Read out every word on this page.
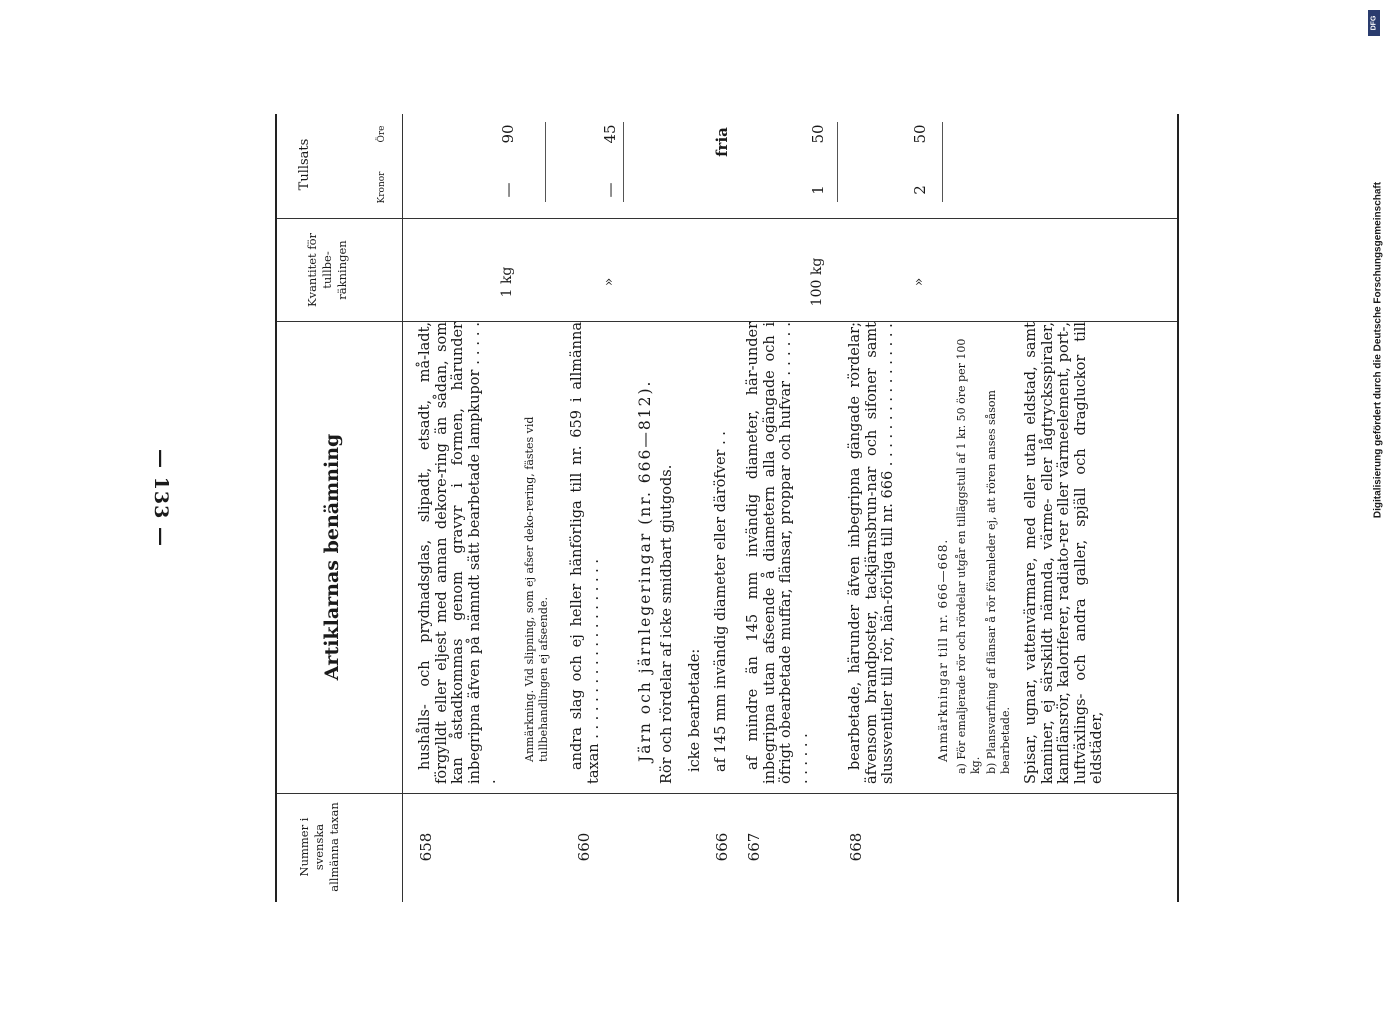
— 133 —
Nummer i svenska allmänna taxan
Artiklarnas benämning
Kvantitet för tullbe-räkningen
Tullsats	Kronor
Öre
658
hushålls- och prydnadsglas, slipadt, etsadt, må-ladt, förgylldt eller eljest med annan dekore-ring än sådan, som kan åstadkommas genom gravyr i formen, härunder inbegripna äfven på nämndt sätt bearbetade lampkupor . . . . . .
1 kg
—
90
Anmärkning. Vid slipning, som ej afser deko-rering, fästes vid tullbehandlingen ej afseende.
660
andra slag och ej heller hänförliga till nr. 659 i allmänna taxan . . . . . . . . . . . . . . . . . . . .
»
—
45
Järn och järnlegeringar (nr. 666—812). Rör och rördelar af icke smidbart gjutgods. icke bearbetade:
666
af 145 mm invändig diameter eller däröfver . .
fria
667
af mindre än 145 mm invändig diameter, här-under inbegripna utan afseende å diametern alla ogängade och i öfrigt obearbetade muffar, flänsar, proppar och hufvar . . . . . . . . . . . .
100 kg
1
50
668
bearbetade, härunder äfven inbegripna gängade rördelar; äfvensom brandposter, tackjärnsbrun-nar och sifoner samt slussventiler till rör, hän-förliga till nr. 666 . . . . . . . . . . . . . . . .
»
2
50
Anmärkningar till nr. 666—668. a) För emaljerade rör och rördelar utgår en tilläggstull af 1 kr. 50 öre per 100 kg. b) Plansvarfning af flänsar å rör föranleder ej, att rören anses såsom bearbetade. Spisar, ugnar, vattenvärmare, med eller utan eldstad, samt kaminer, ej särskildt nämnda, värme- eller lågtrycksspiraler, kamflänsrör, kaloriferer, radiato-rer eller värmeelement, port-, luftväxlings- och andra galler, spjäll och dragluckor till eldstäder,
Digitalisierung gefördert durch die Deutsche Forschungsgemeinschaft
DFG
